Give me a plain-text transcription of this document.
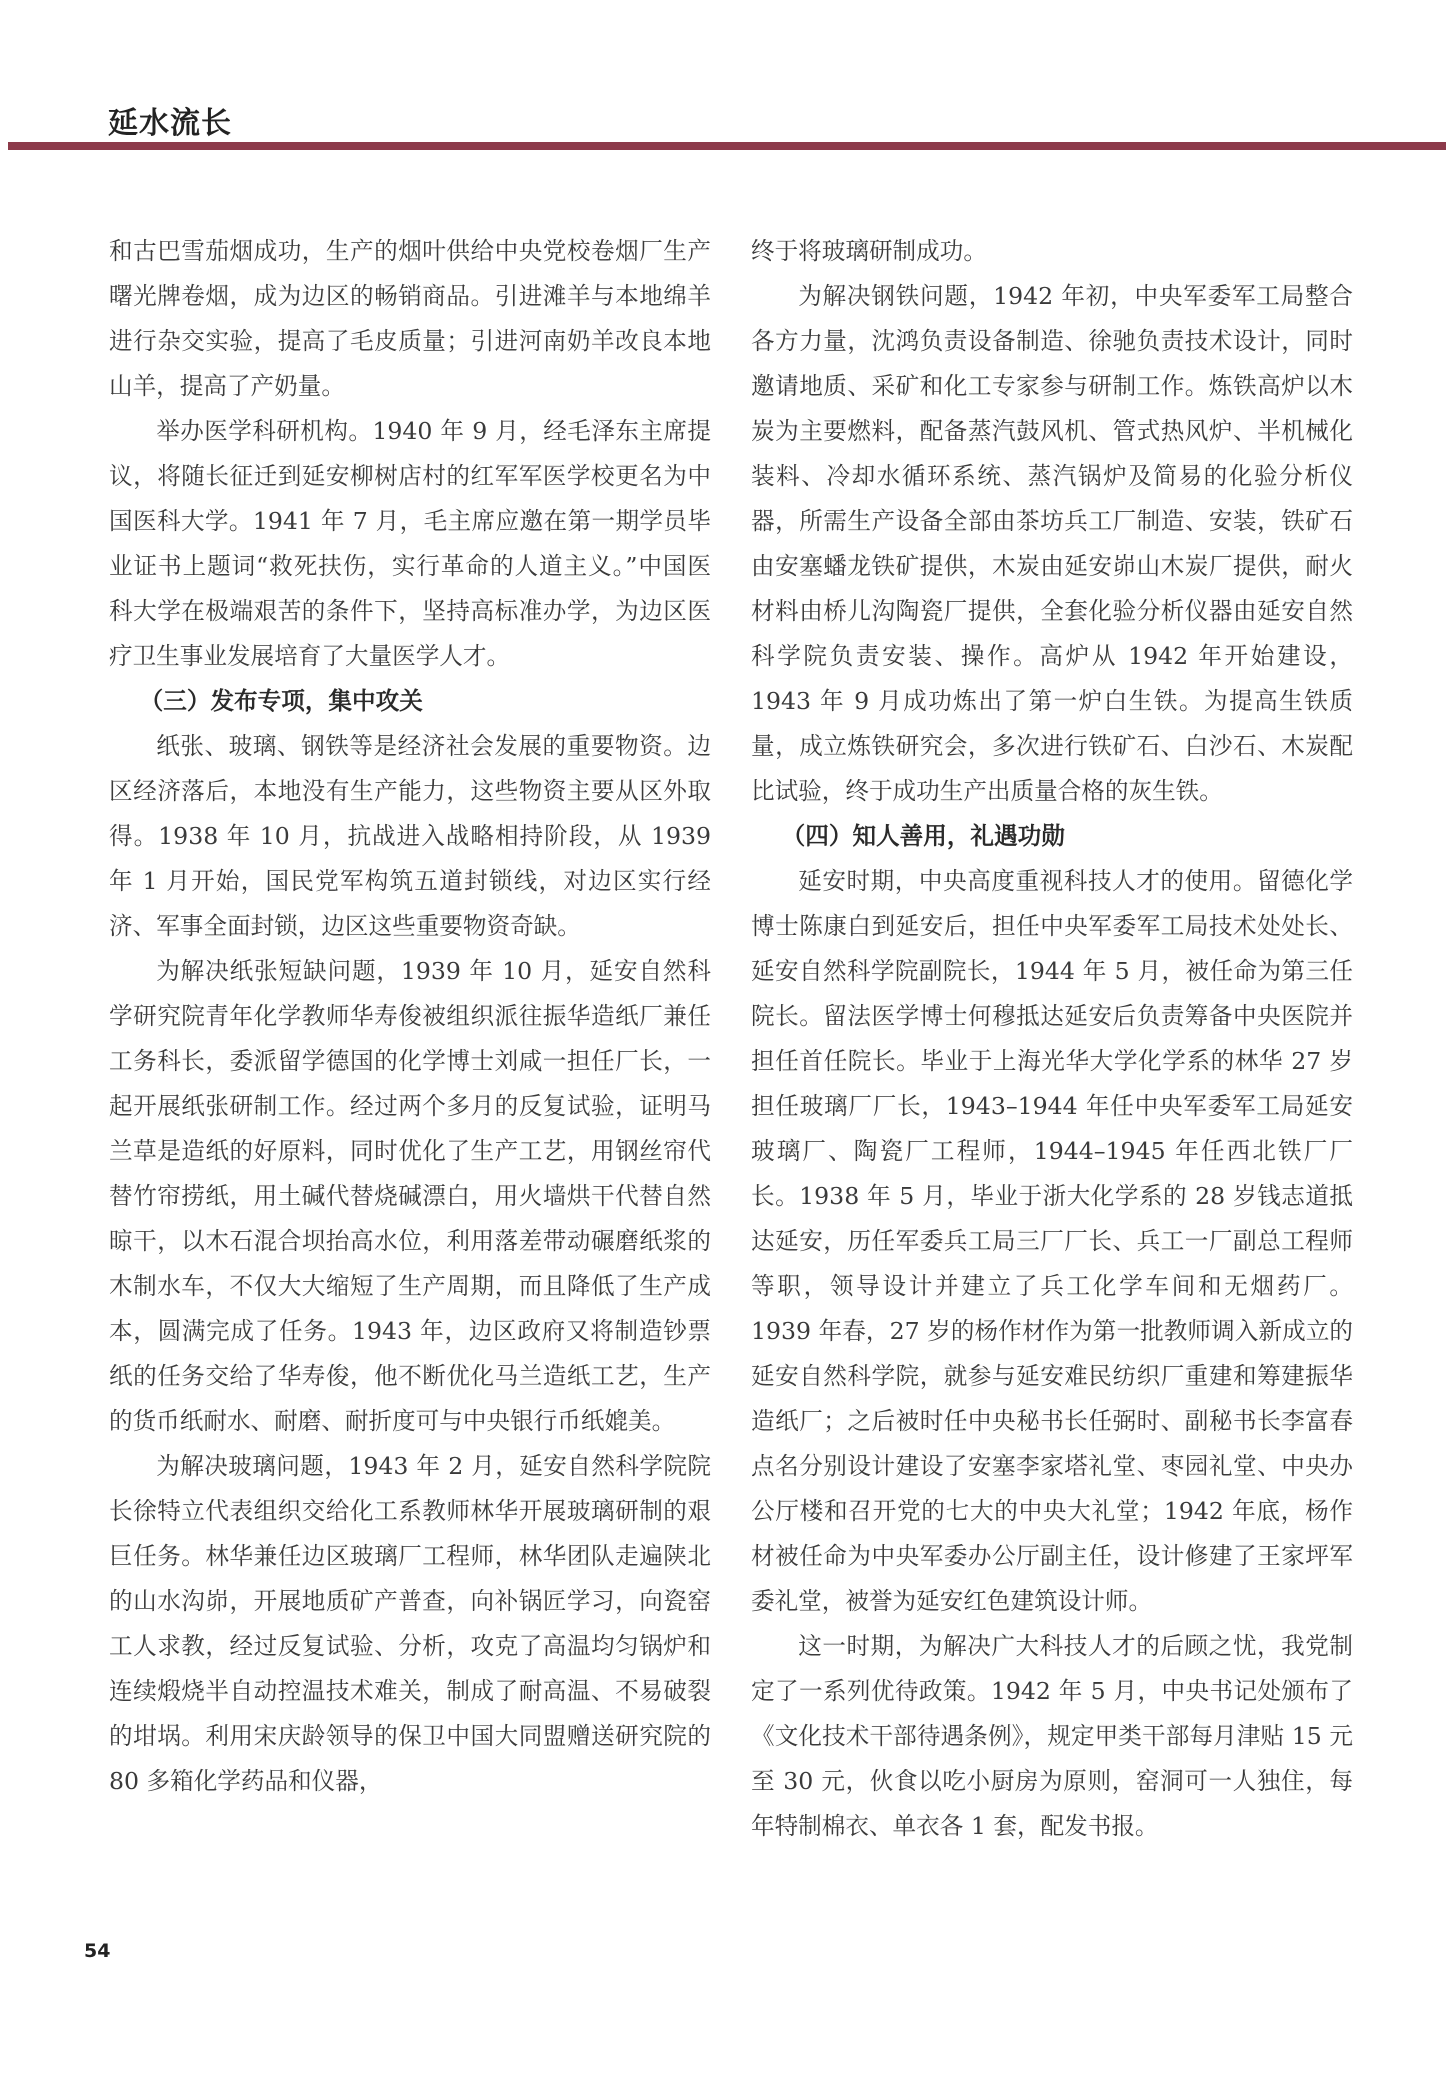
延水流长

和古巴雪茄烟成功，生产的烟叶供给中央党校卷烟厂生产曙光牌卷烟，成为边区的畅销商品。引进滩羊与本地绵羊进行杂交实验，提高了毛皮质量；引进河南奶羊改良本地山羊，提高了产奶量。

举办医学科研机构。1940 年 9 月，经毛泽东主席提议，将随长征迁到延安柳树店村的红军军医学校更名为中国医科大学。1941 年 7 月，毛主席应邀在第一期学员毕业证书上题词“救死扶伤，实行革命的人道主义。”中国医科大学在极端艰苦的条件下，坚持高标准办学，为边区医疗卫生事业发展培育了大量医学人才。

（三）发布专项，集中攻关

纸张、玻璃、钢铁等是经济社会发展的重要物资。边区经济落后，本地没有生产能力，这些物资主要从区外取得。1938 年 10 月，抗战进入战略相持阶段，从 1939 年 1 月开始，国民党军构筑五道封锁线，对边区实行经济、军事全面封锁，边区这些重要物资奇缺。

为解决纸张短缺问题，1939 年 10 月，延安自然科学研究院青年化学教师华寿俊被组织派往振华造纸厂兼任工务科长，委派留学德国的化学博士刘咸一担任厂长，一起开展纸张研制工作。经过两个多月的反复试验，证明马兰草是造纸的好原料，同时优化了生产工艺，用钢丝帘代替竹帘捞纸，用土碱代替烧碱漂白，用火墙烘干代替自然晾干，以木石混合坝抬高水位，利用落差带动碾磨纸浆的木制水车，不仅大大缩短了生产周期，而且降低了生产成本，圆满完成了任务。1943 年，边区政府又将制造钞票纸的任务交给了华寿俊，他不断优化马兰造纸工艺，生产的货币纸耐水、耐磨、耐折度可与中央银行币纸媲美。

为解决玻璃问题，1943 年 2 月，延安自然科学院院长徐特立代表组织交给化工系教师林华开展玻璃研制的艰巨任务。林华兼任边区玻璃厂工程师，林华团队走遍陕北的山水沟峁，开展地质矿产普查，向补锅匠学习，向瓷窑工人求教，经过反复试验、分析，攻克了高温均匀锅炉和连续煅烧半自动控温技术难关，制成了耐高温、不易破裂的坩埚。利用宋庆龄领导的保卫中国大同盟赠送研究院的 80 多箱化学药品和仪器，

终于将玻璃研制成功。

为解决钢铁问题，1942 年初，中央军委军工局整合各方力量，沈鸿负责设备制造、徐驰负责技术设计，同时邀请地质、采矿和化工专家参与研制工作。炼铁高炉以木炭为主要燃料，配备蒸汽鼓风机、管式热风炉、半机械化装料、冷却水循环系统、蒸汽锅炉及简易的化验分析仪器，所需生产设备全部由茶坊兵工厂制造、安装，铁矿石由安塞蟠龙铁矿提供，木炭由延安峁山木炭厂提供，耐火材料由桥儿沟陶瓷厂提供，全套化验分析仪器由延安自然科学院负责安装、操作。高炉从 1942 年开始建设，1943 年 9 月成功炼出了第一炉白生铁。为提高生铁质量，成立炼铁研究会，多次进行铁矿石、白沙石、木炭配比试验，终于成功生产出质量合格的灰生铁。

（四）知人善用，礼遇功勋

延安时期，中央高度重视科技人才的使用。留德化学博士陈康白到延安后，担任中央军委军工局技术处处长、延安自然科学院副院长，1944 年 5 月，被任命为第三任院长。留法医学博士何穆抵达延安后负责筹备中央医院并担任首任院长。毕业于上海光华大学化学系的林华 27 岁担任玻璃厂厂长，1943–1944 年任中央军委军工局延安玻璃厂、陶瓷厂工程师，1944–1945 年任西北铁厂厂长。1938 年 5 月，毕业于浙大化学系的 28 岁钱志道抵达延安，历任军委兵工局三厂厂长、兵工一厂副总工程师等职，领导设计并建立了兵工化学车间和无烟药厂。1939 年春，27 岁的杨作材作为第一批教师调入新成立的延安自然科学院，就参与延安难民纺织厂重建和筹建振华造纸厂；之后被时任中央秘书长任弼时、副秘书长李富春点名分别设计建设了安塞李家塔礼堂、枣园礼堂、中央办公厅楼和召开党的七大的中央大礼堂；1942 年底，杨作材被任命为中央军委办公厅副主任，设计修建了王家坪军委礼堂，被誉为延安红色建筑设计师。

这一时期，为解决广大科技人才的后顾之忧，我党制定了一系列优待政策。1942 年 5 月，中央书记处颁布了《文化技术干部待遇条例》，规定甲类干部每月津贴 15 元至 30 元，伙食以吃小厨房为原则，窑洞可一人独住，每年特制棉衣、单衣各 1 套，配发书报。

54
